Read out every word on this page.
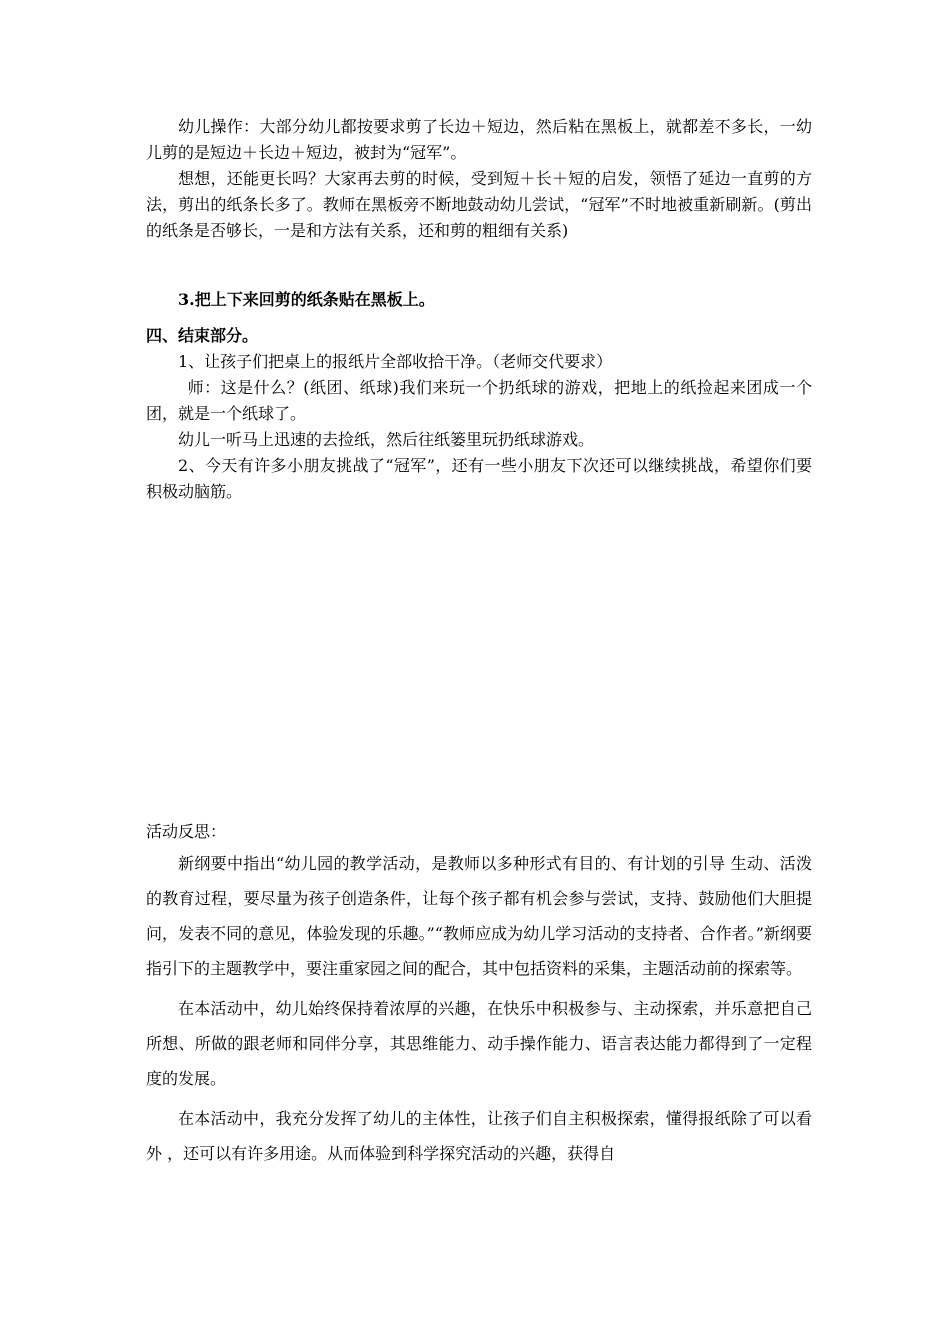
幼儿操作：大部分幼儿都按要求剪了长边＋短边，然后粘在黑板上，就都差不多长，一幼儿剪的是短边＋长边＋短边，被封为“冠军”。

想想，还能更长吗？大家再去剪的时候，受到短＋长＋短的启发，领悟了延边一直剪的方法，剪出的纸条长多了。教师在黑板旁不断地鼓动幼儿尝试，“冠军”不时地被重新刷新。(剪出的纸条是否够长，一是和方法有关系，还和剪的粗细有关系)

3.把上下来回剪的纸条贴在黑板上。

四、结束部分。

1、让孩子们把桌上的报纸片全部收拾干净。（老师交代要求）

师：这是什么？(纸团、纸球)我们来玩一个扔纸球的游戏，把地上的纸捡起来团成一个团，就是一个纸球了。

幼儿一听马上迅速的去捡纸，然后往纸篓里玩扔纸球游戏。

2、今天有许多小朋友挑战了“冠军”，还有一些小朋友下次还可以继续挑战，希望你们要积极动脑筋。

活动反思：

新纲要中指出“幼儿园的教学活动，是教师以多种形式有目的、有计划的引导 生动、活泼的教育过程，要尽量为孩子创造条件，让每个孩子都有机会参与尝试，支持、鼓励他们大胆提问，发表不同的意见，体验发现的乐趣。”“教师应成为幼儿学习活动的支持者、合作者。”新纲要指引下的主题教学中，要注重家园之间的配合，其中包括资料的采集，主题活动前的探索等。

在本活动中，幼儿始终保持着浓厚的兴趣，在快乐中积极参与、主动探索，并乐意把自己所想、所做的跟老师和同伴分享，其思维能力、动手操作能力、语言表达能力都得到了一定程度的发展。

在本活动中，我充分发挥了幼儿的主体性，让孩子们自主积极探索，懂得报纸除了可以看外 ，还可以有许多用途。从而体验到科学探究活动的兴趣，获得自
